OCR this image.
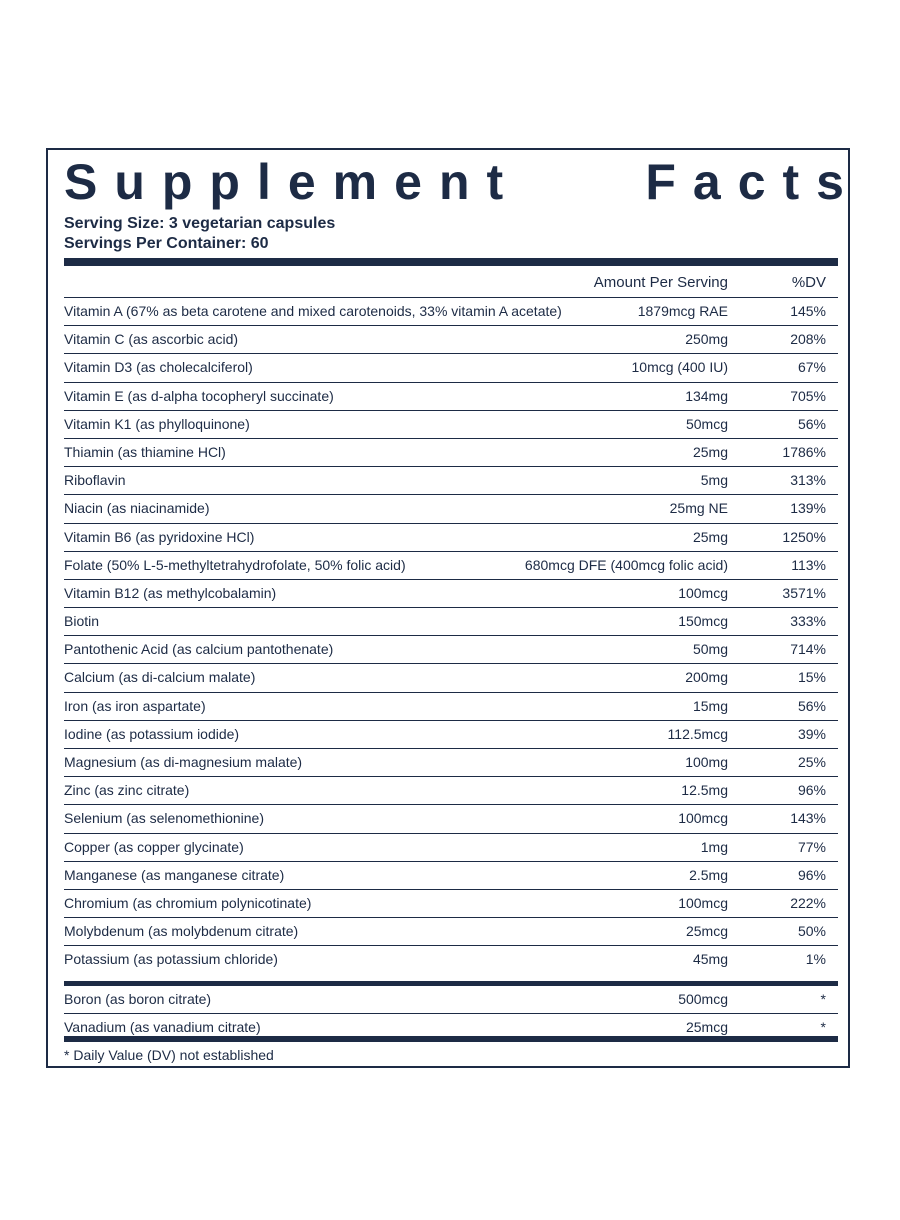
Supplement	Facts
Serving Size: 3 vegetarian capsules
Servings Per Container: 60
Amount Per Serving	%DV
Vitamin A (67% as beta carotene and mixed carotenoids, 33% vitamin A acetate)	1879mcg RAE	145%
Vitamin C (as ascorbic acid)	250mg	208%
Vitamin D3 (as cholecalciferol)	10mcg (400 IU)	67%
Vitamin E (as d-alpha tocopheryl succinate)	134mg	705%
Vitamin K1 (as phylloquinone)	50mcg	56%
Thiamin (as thiamine HCl)	25mg	1786%
Riboflavin	5mg	313%
Niacin (as niacinamide)	25mg NE	139%
Vitamin B6 (as pyridoxine HCl)	25mg	1250%
Folate (50% L-5-methyltetrahydrofolate, 50% folic acid)	680mcg DFE (400mcg folic acid)	113%
Vitamin B12 (as methylcobalamin)	100mcg	3571%
Biotin	150mcg	333%
Pantothenic Acid (as calcium pantothenate)	50mg	714%
Calcium (as di-calcium malate)	200mg	15%
Iron (as iron aspartate)	15mg	56%
Iodine (as potassium iodide)	112.5mcg	39%
Magnesium (as di-magnesium malate)	100mg	25%
Zinc (as zinc citrate)	12.5mg	96%
Selenium (as selenomethionine)	100mcg	143%
Copper (as copper glycinate)	1mg	77%
Manganese (as manganese citrate)	2.5mg	96%
Chromium (as chromium polynicotinate)	100mcg	222%
Molybdenum (as molybdenum citrate)	25mcg	50%
Potassium (as potassium chloride)	45mg	1%
Boron (as boron citrate)	500mcg	*
Vanadium (as vanadium citrate)	25mcg	*
* Daily Value (DV) not established
